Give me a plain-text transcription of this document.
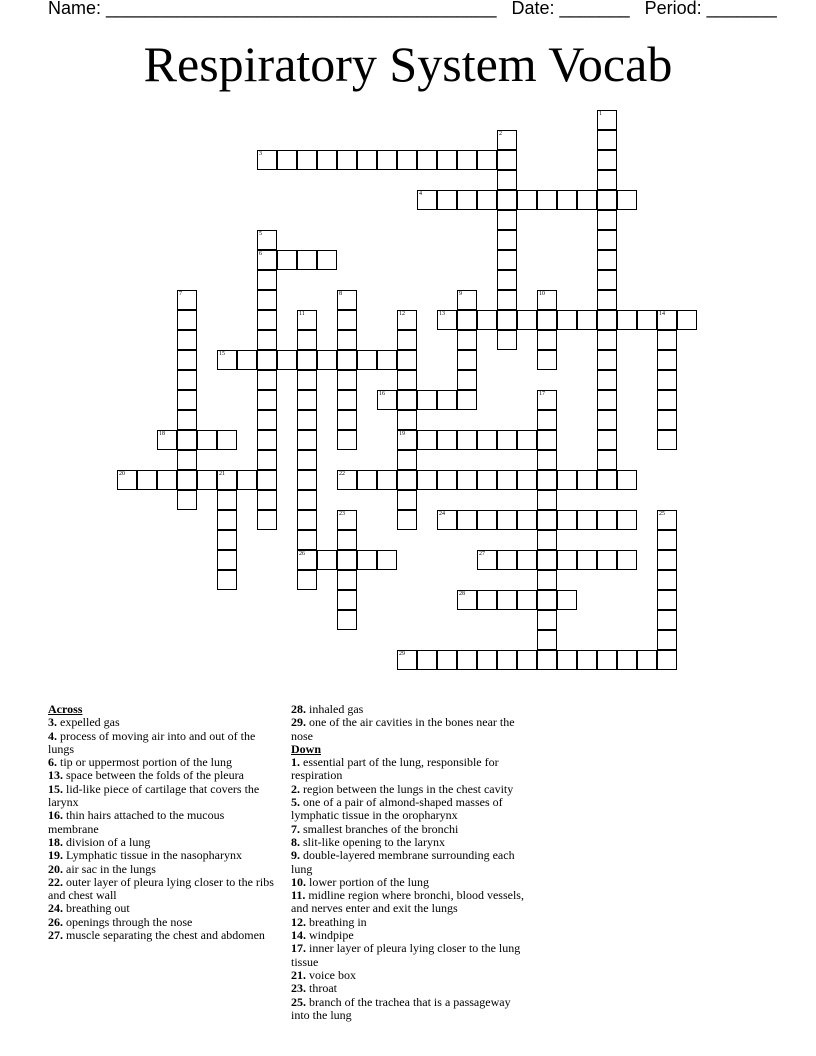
Name: _______________________________________ Date: _______ Period: _______
Respiratory System Vocab
3
4
6
13	14
15
16
18	19
20	21	22
24
26	27
28
29
1
2
5
7	8	9	10
11	12
17
23	25
Across
3. expelled gas
4. process of moving air into and out of the lungs
6. tip or uppermost portion of the lung
13. space between the folds of the pleura
15. lid-like piece of cartilage that covers the larynx
16. thin hairs attached to the mucous membrane
18. division of a lung
19. Lymphatic tissue in the nasopharynx
20. air sac in the lungs
22. outer layer of pleura lying closer to the ribs and chest wall
24. breathing out
26. openings through the nose
27. muscle separating the chest and abdomen
28. inhaled gas
29. one of the air cavities in the bones near the nose
Down
1. essential part of the lung, responsible for respiration
2. region between the lungs in the chest cavity
5. one of a pair of almond-shaped masses of lymphatic tissue in the oropharynx
7. smallest branches of the bronchi
8. slit-like opening to the larynx
9. double-layered membrane surrounding each lung
10. lower portion of the lung
11. midline region where bronchi, blood vessels, and nerves enter and exit the lungs
12. breathing in
14. windpipe
17. inner layer of pleura lying closer to the lung tissue
21. voice box
23. throat
25. branch of the trachea that is a passageway into the lung
